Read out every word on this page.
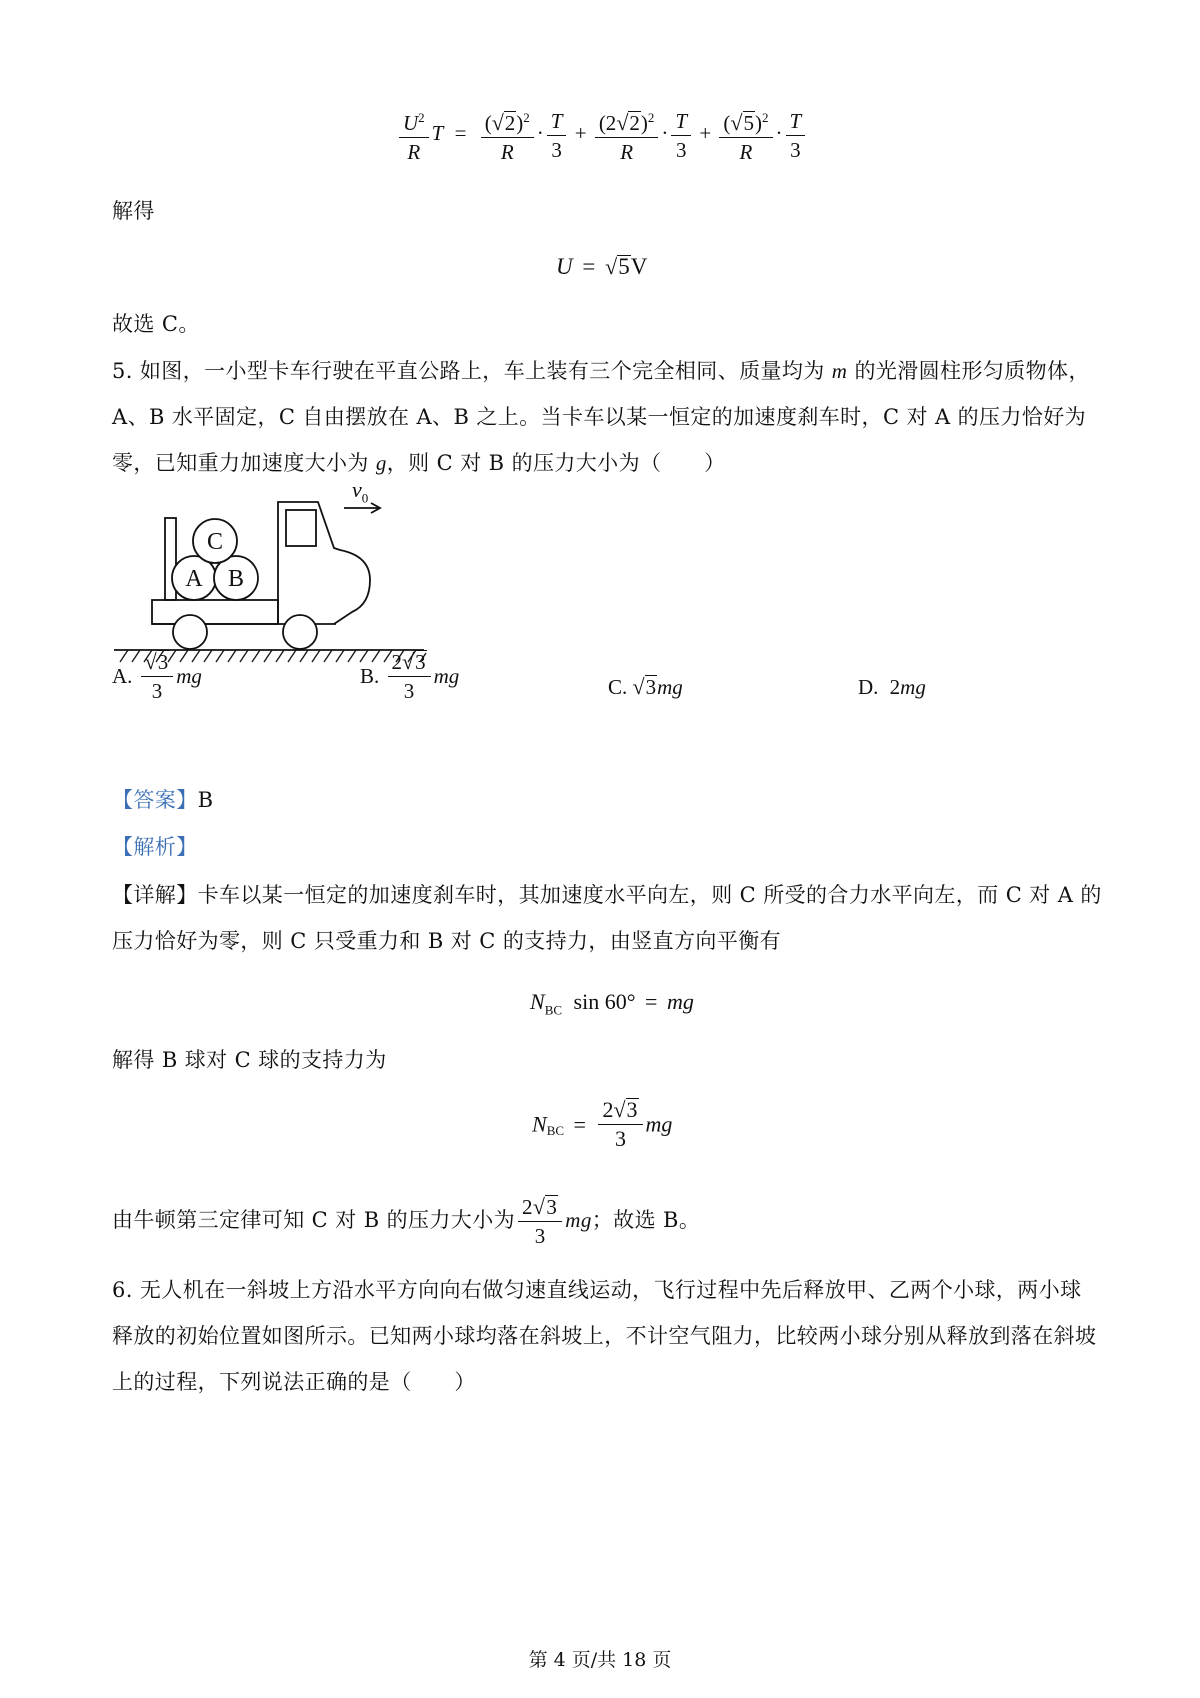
$\frac{U^2}{R}$ $T = \frac{( √ 2 )^2}{R} \cdot \frac{T}{3} + \frac{(2 √ 2 )^2}{R} \cdot \frac{T}{3} + \frac{( √ 5 )^2}{R} \cdot \frac{T}{3}$
解得
U = √ 5 V
故选 C。
5. 如图，一小型卡车行驶在平直公路上，车上装有三个完全相同、质量均为 m 的光滑圆柱形匀质物体，A、B 水平固定，C 自由摆放在 A、B 之上。当卡车以某一恒定的加速度刹车时，C 对 A 的压力恰好为零，已知重力加速度大小为 g，则 C 对 B 的压力大小为（　　）
A B
C
$v_0$
A. $\frac{√ 3}{3}$ mg	B. $\frac{2 √ 3}{3}$ mg	C. √ 3 mg	D. 2mg
【答案】B
【解析】
【详解】卡车以某一恒定的加速度刹车时，其加速度水平向左，则 C 所受的合力水平向左，而 C 对 A 的压力恰好为零，则 C 只受重力和 B 对 C 的支持力，由竖直方向平衡有
$N_{BC}$ sin 60° = mg
解得 B 球对 C 球的支持力为
$N_{BC} = \frac{2 √ 3}{3}$ mg
由牛顿第三定律可知 C 对 B 的压力大小为 $\frac{2 √ 3}{3}$ mg；故选 B。
6. 无人机在一斜坡上方沿水平方向向右做匀速直线运动，飞行过程中先后释放甲、乙两个小球，两小球释放的初始位置如图所示。已知两小球均落在斜坡上，不计空气阻力，比较两小球分别从释放到落在斜坡上的过程，下列说法正确的是（　　）
第 4 页/共 18 页
